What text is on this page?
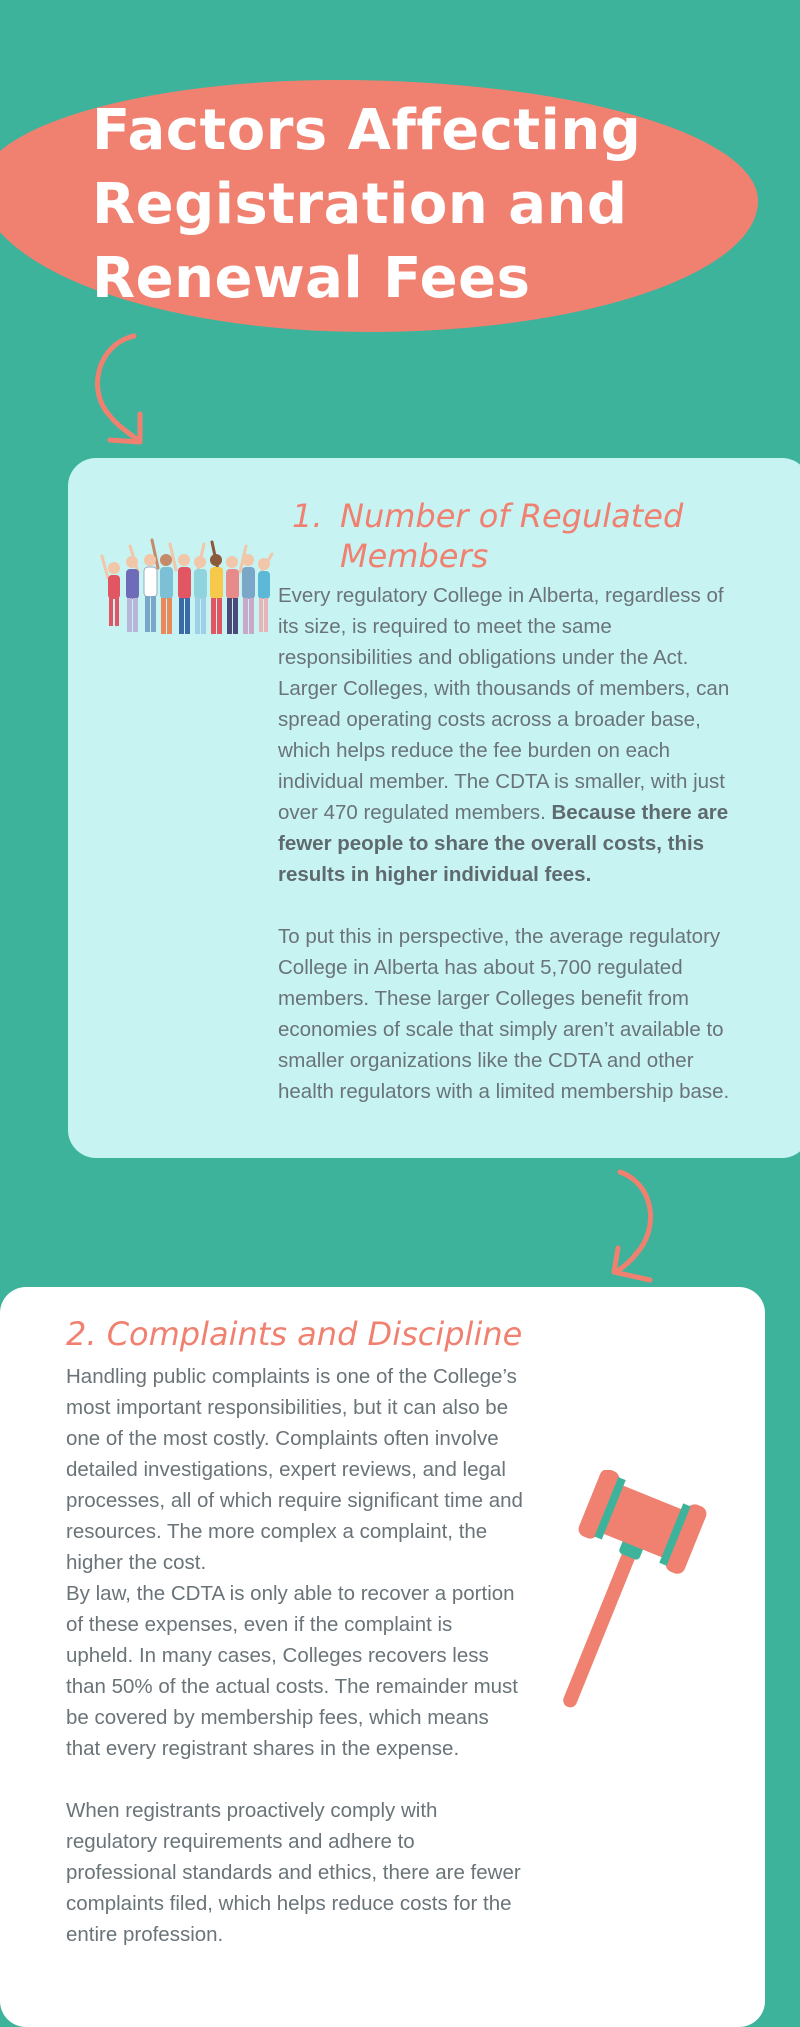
Factors Affecting Registration and Renewal Fees
1. Number of Regulated Members

Every regulatory College in Alberta, regardless of its size, is required to meet the same responsibilities and obligations under the Act. Larger Colleges, with thousands of members, can spread operating costs across a broader base, which helps reduce the fee burden on each individual member. The CDTA is smaller, with just over 470 regulated members. Because there are fewer people to share the overall costs, this results in higher individual fees.

To put this in perspective, the average regulatory College in Alberta has about 5,700 regulated members. These larger Colleges benefit from economies of scale that simply aren’t available to smaller organizations like the CDTA and other health regulators with a limited membership base.

2. Complaints and Discipline

Handling public complaints is one of the College’s most important responsibilities, but it can also be one of the most costly. Complaints often involve detailed investigations, expert reviews, and legal processes, all of which require significant time and resources. The more complex a complaint, the higher the cost.

By law, the CDTA is only able to recover a portion of these expenses, even if the complaint is upheld. In many cases, Colleges recovers less than 50% of the actual costs. The remainder must be covered by membership fees, which means that every registrant shares in the expense.

When registrants proactively comply with regulatory requirements and adhere to professional standards and ethics, there are fewer complaints filed, which helps reduce costs for the entire profession.
